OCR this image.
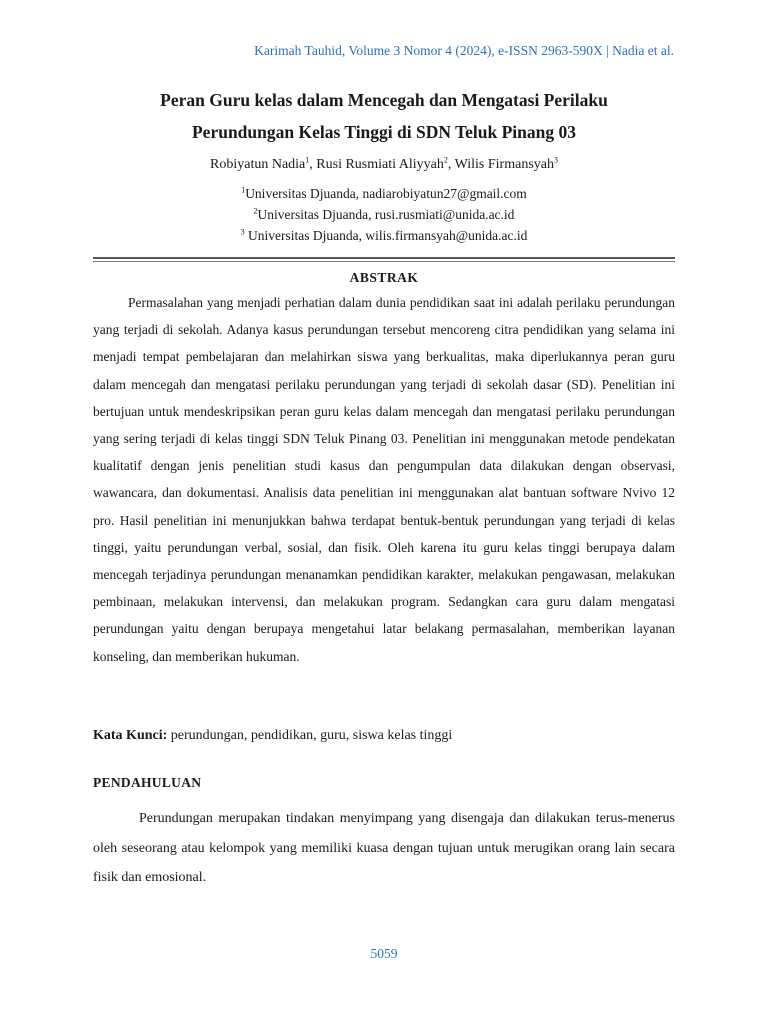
Karimah Tauhid, Volume 3 Nomor 4 (2024), e-ISSN 2963-590X | Nadia et al.
Peran Guru kelas dalam Mencegah dan Mengatasi Perilaku
Perundungan Kelas Tinggi di SDN Teluk Pinang 03
Robiyatun Nadia$^1$, Rusi Rusmiati Aliyyah$^2$, Wilis Firmansyah$^3$
$^1$Universitas Djuanda, nadiarobiyatun27@gmail.com
$^2$Universitas Djuanda, rusi.rusmiati@unida.ac.id
$^3$ Universitas Djuanda, wilis.firmansyah@unida.ac.id
ABSTRAK

Permasalahan yang menjadi perhatian dalam dunia pendidikan saat ini adalah perilaku perundungan yang terjadi di sekolah. Adanya kasus perundungan tersebut mencoreng citra pendidikan yang selama ini menjadi tempat pembelajaran dan melahirkan siswa yang berkualitas, maka diperlukannya peran guru dalam mencegah dan mengatasi perilaku perundungan yang terjadi di sekolah dasar (SD). Penelitian ini bertujuan untuk mendeskripsikan peran guru kelas dalam mencegah dan mengatasi perilaku perundungan yang sering terjadi di kelas tinggi SDN Teluk Pinang 03. Penelitian ini menggunakan metode pendekatan kualitatif dengan jenis penelitian studi kasus dan pengumpulan data dilakukan dengan observasi, wawancara, dan dokumentasi. Analisis data penelitian ini menggunakan alat bantuan software Nvivo 12 pro. Hasil penelitian ini menunjukkan bahwa terdapat bentuk-bentuk perundungan yang terjadi di kelas tinggi, yaitu perundungan verbal, sosial, dan fisik. Oleh karena itu guru kelas tinggi berupaya dalam mencegah terjadinya perundungan menanamkan pendidikan karakter, melakukan pengawasan, melakukan pembinaan, melakukan intervensi, dan melakukan program. Sedangkan cara guru dalam mengatasi perundungan yaitu dengan berupaya mengetahui latar belakang permasalahan, memberikan layanan konseling, dan memberikan hukuman.

Kata Kunci: perundungan, pendidikan, guru, siswa kelas tinggi
PENDAHULUAN

Perundungan merupakan tindakan menyimpang yang disengaja dan dilakukan terus-menerus oleh seseorang atau kelompok yang memiliki kuasa dengan tujuan untuk merugikan orang lain secara fisik dan emosional.

5059
